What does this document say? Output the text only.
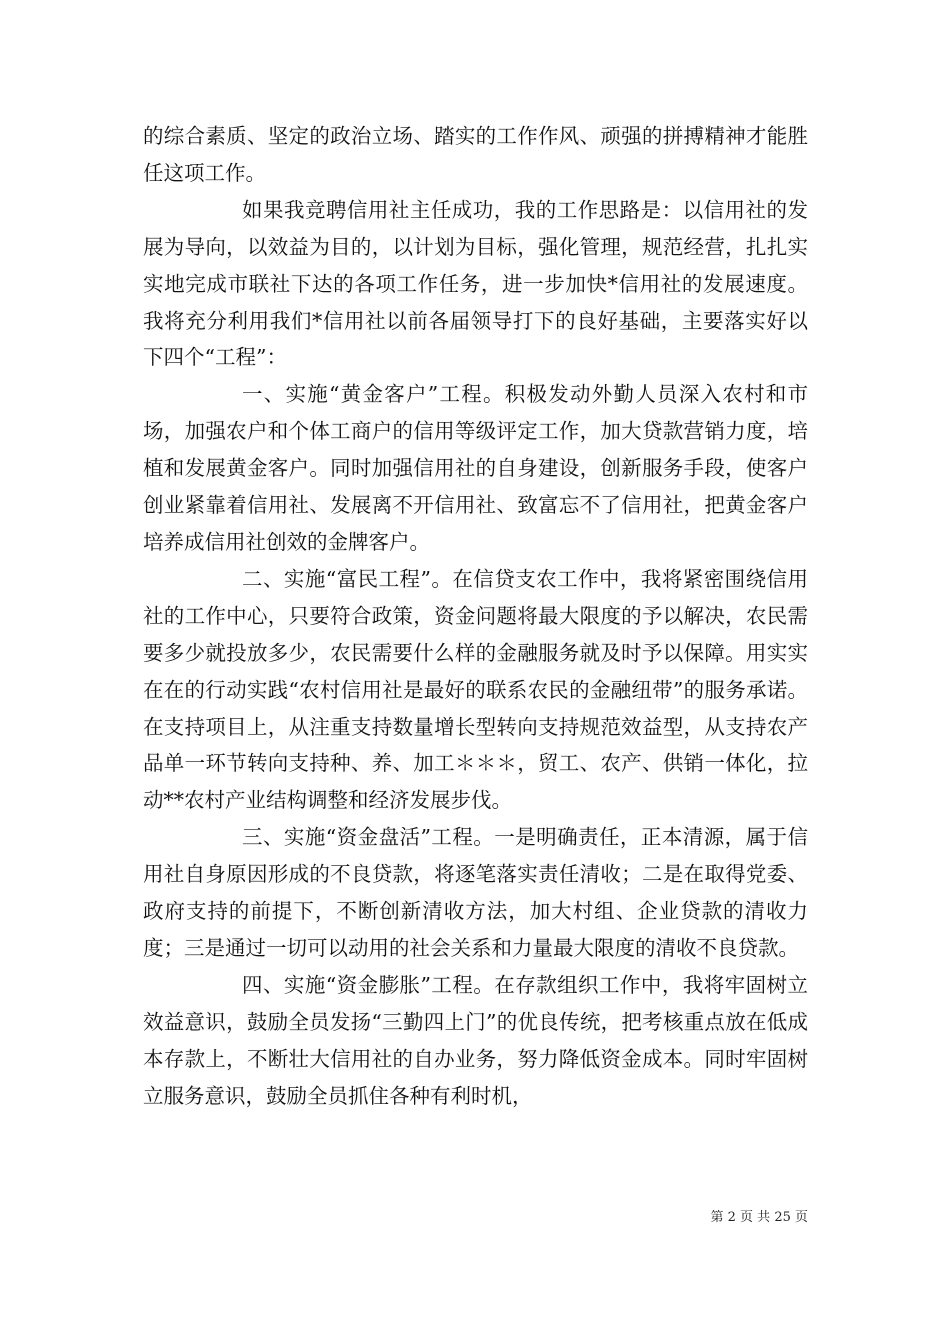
的综合素质、坚定的政治立场、踏实的工作作风、顽强的拼搏精神才能胜任这项工作。

如果我竞聘信用社主任成功，我的工作思路是：以信用社的发展为导向，以效益为目的，以计划为目标，强化管理，规范经营，扎扎实实地完成市联社下达的各项工作任务，进一步加快*信用社的发展速度。我将充分利用我们*信用社以前各届领导打下的良好基础，主要落实好以下四个“工程”：

一、实施“黄金客户”工程。积极发动外勤人员深入农村和市场，加强农户和个体工商户的信用等级评定工作，加大贷款营销力度，培植和发展黄金客户。同时加强信用社的自身建设，创新服务手段，使客户创业紧靠着信用社、发展离不开信用社、致富忘不了信用社，把黄金客户培养成信用社创效的金牌客户。

二、实施“富民工程”。在信贷支农工作中，我将紧密围绕信用社的工作中心，只要符合政策，资金问题将最大限度的予以解决，农民需要多少就投放多少，农民需要什么样的金融服务就及时予以保障。用实实在在的行动实践“农村信用社是最好的联系农民的金融纽带”的服务承诺。在支持项目上，从注重支持数量增长型转向支持规范效益型，从支持农产品单一环节转向支持种、养、加工＊＊＊，贸工、农产、供销一体化，拉动**农村产业结构调整和经济发展步伐。

三、实施“资金盘活”工程。一是明确责任，正本清源，属于信用社自身原因形成的不良贷款，将逐笔落实责任清收；二是在取得党委、政府支持的前提下，不断创新清收方法，加大村组、企业贷款的清收力度；三是通过一切可以动用的社会关系和力量最大限度的清收不良贷款。

四、实施“资金膨胀”工程。在存款组织工作中，我将牢固树立效益意识，鼓励全员发扬“三勤四上门”的优良传统，把考核重点放在低成本存款上，不断壮大信用社的自办业务，努力降低资金成本。同时牢固树立服务意识，鼓励全员抓住各种有利时机，

第 2 页 共 25 页
